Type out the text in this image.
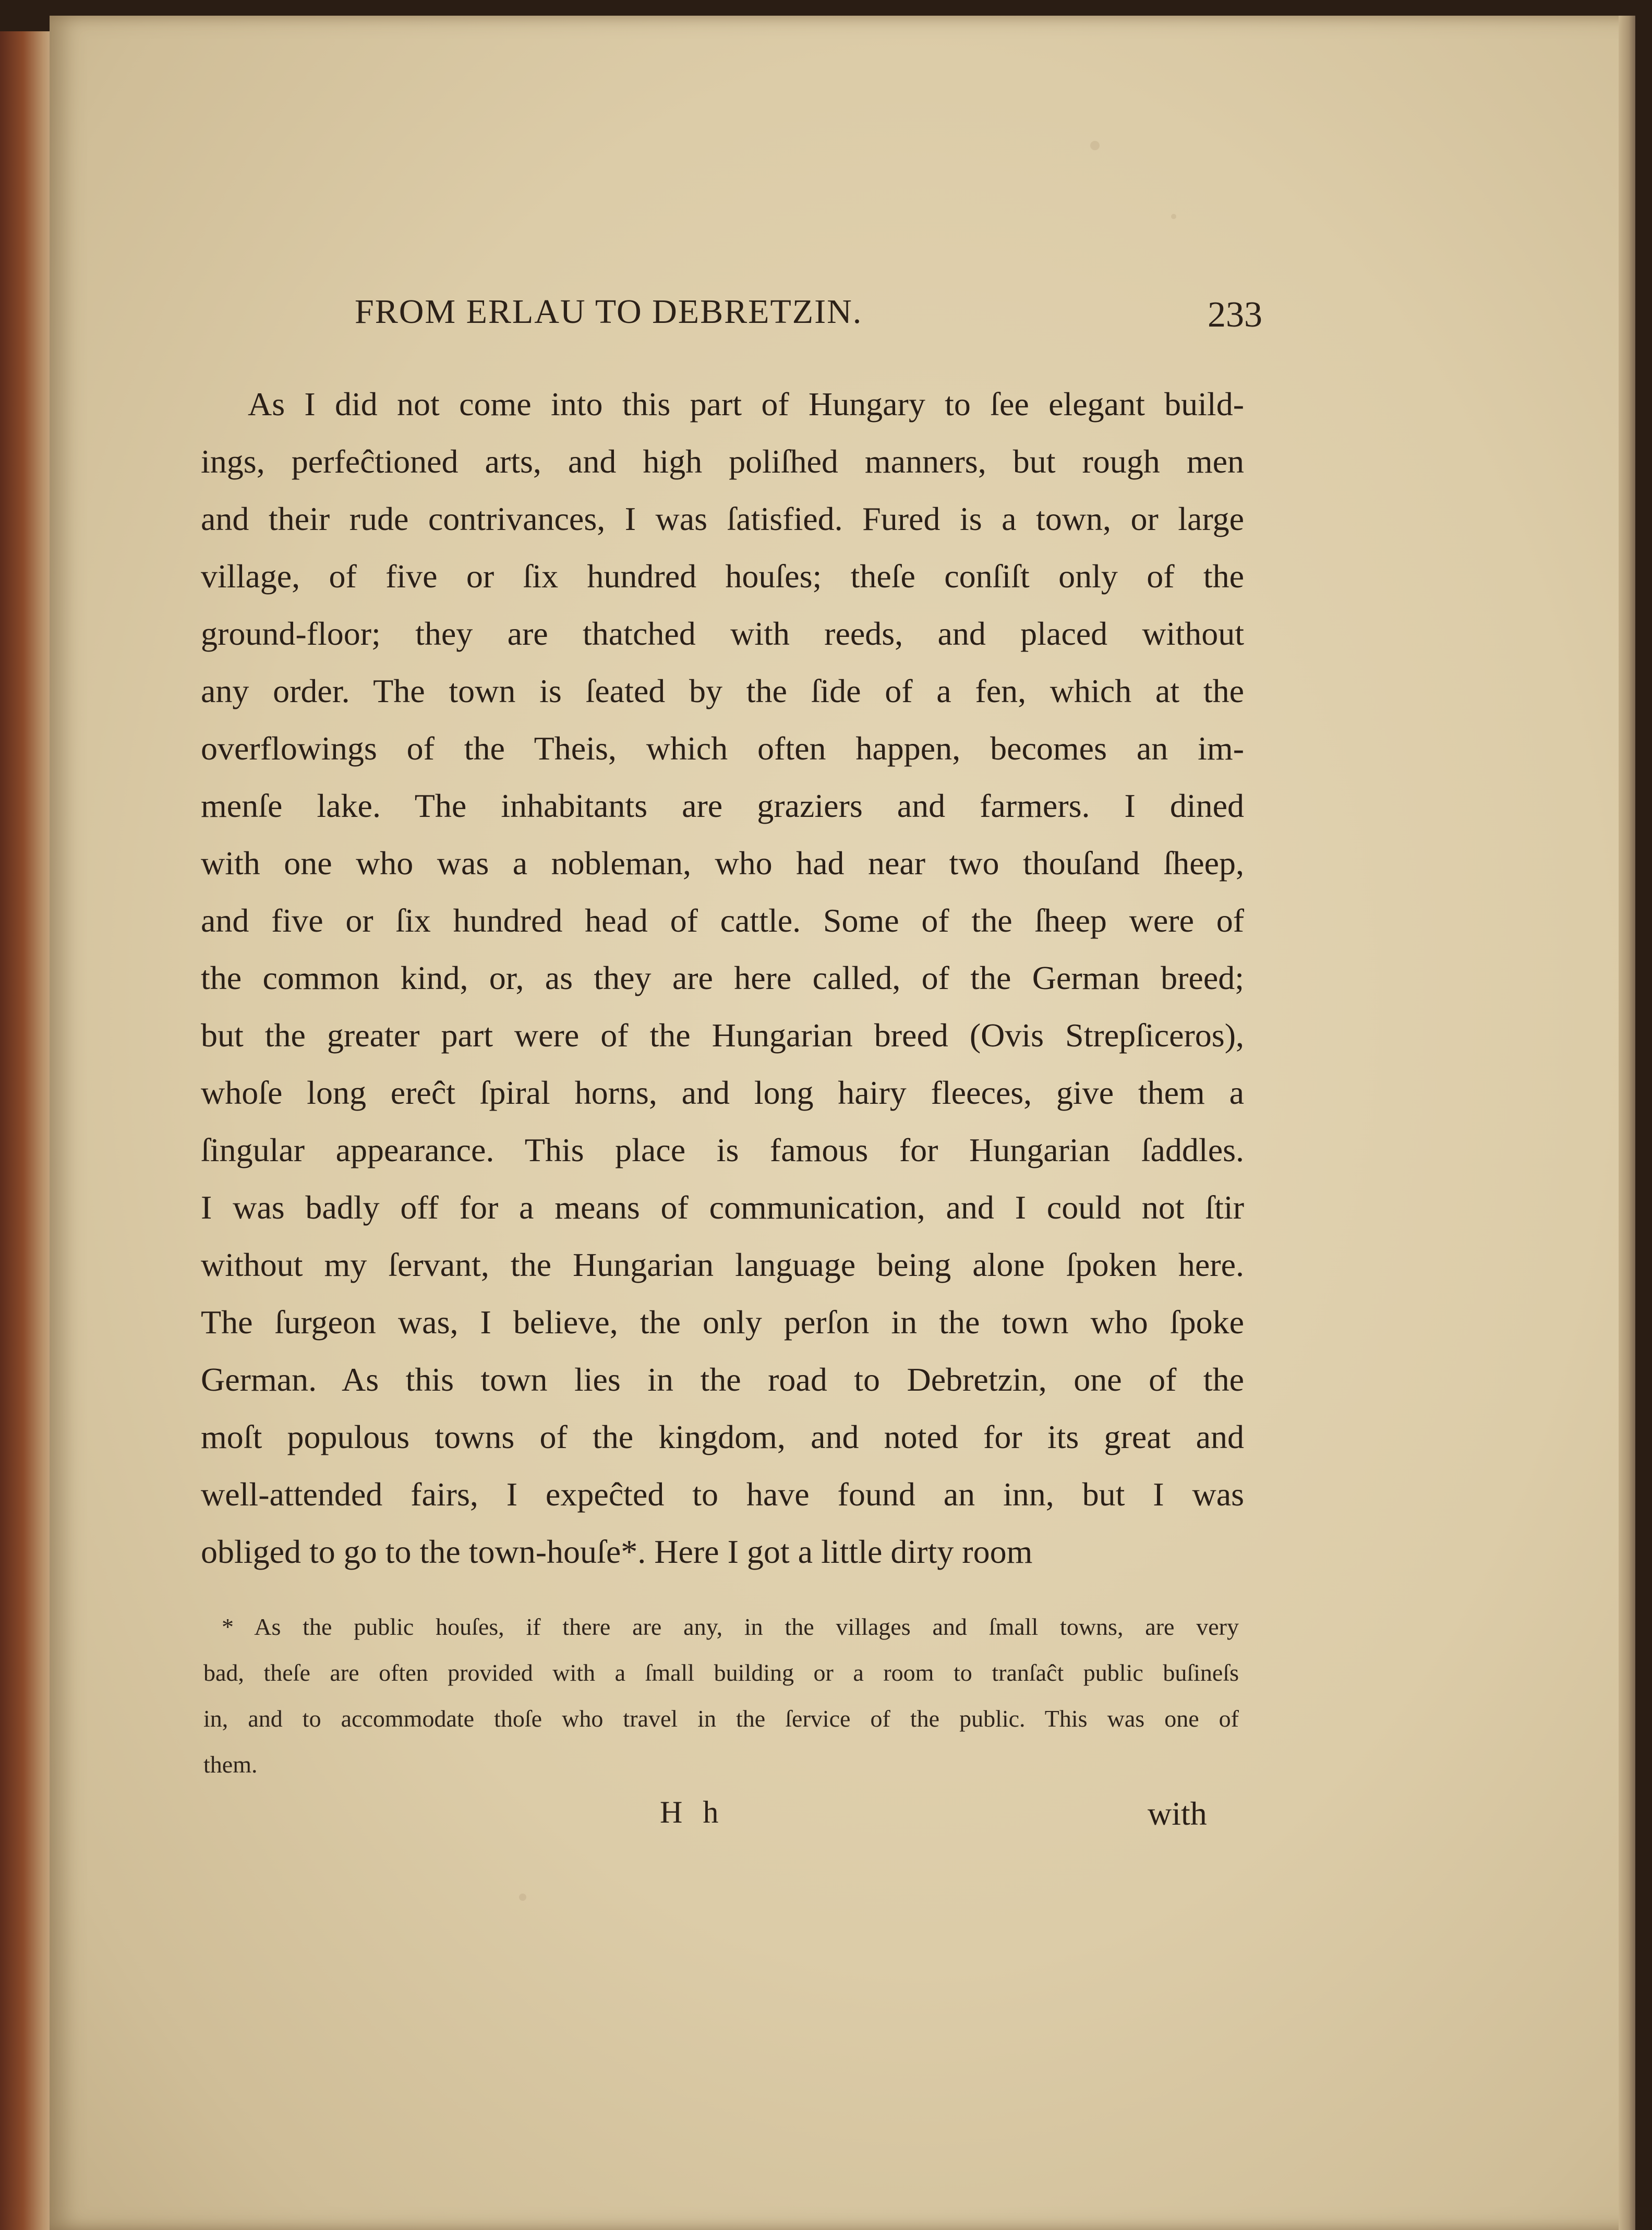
FROM ERLAU TO DEBRETZIN.	233
As I did not come into this part of Hungary to ſee elegant build-
ings, perfeĉtioned arts, and high poliſhed manners, but rough men
and their rude contrivances, I was ſatisfied. Fured is a town, or large
village, of five or ſix hundred houſes; theſe conſiſt only of the
ground-floor; they are thatched with reeds, and placed without
any order. The town is ſeated by the ſide of a fen, which at the
overflowings of the Theis, which often happen, becomes an im-
menſe lake. The inhabitants are graziers and farmers. I dined
with one who was a nobleman, who had near two thouſand ſheep,
and five or ſix hundred head of cattle. Some of the ſheep were of
the common kind, or, as they are here called, of the German breed;
but the greater part were of the Hungarian breed (Ovis Strepſiceros),
whoſe long ereĉt ſpiral horns, and long hairy fleeces, give them a
ſingular appearance. This place is famous for Hungarian ſaddles.
I was badly off for a means of communication, and I could not ſtir
without my ſervant, the Hungarian language being alone ſpoken here.
The ſurgeon was, I believe, the only perſon in the town who ſpoke
German. As this town lies in the road to Debretzin, one of the
moſt populous towns of the kingdom, and noted for its great and
well-attended fairs, I expeĉted to have found an inn, but I was
obliged to go to the town-houſe*. Here I got a little dirty room
* As the public houſes, if there are any, in the villages and ſmall towns, are very
bad, theſe are often provided with a ſmall building or a room to tranſaĉt public buſineſs
in, and to accommodate thoſe who travel in the ſervice of the public. This was one of
them.
H h	with
